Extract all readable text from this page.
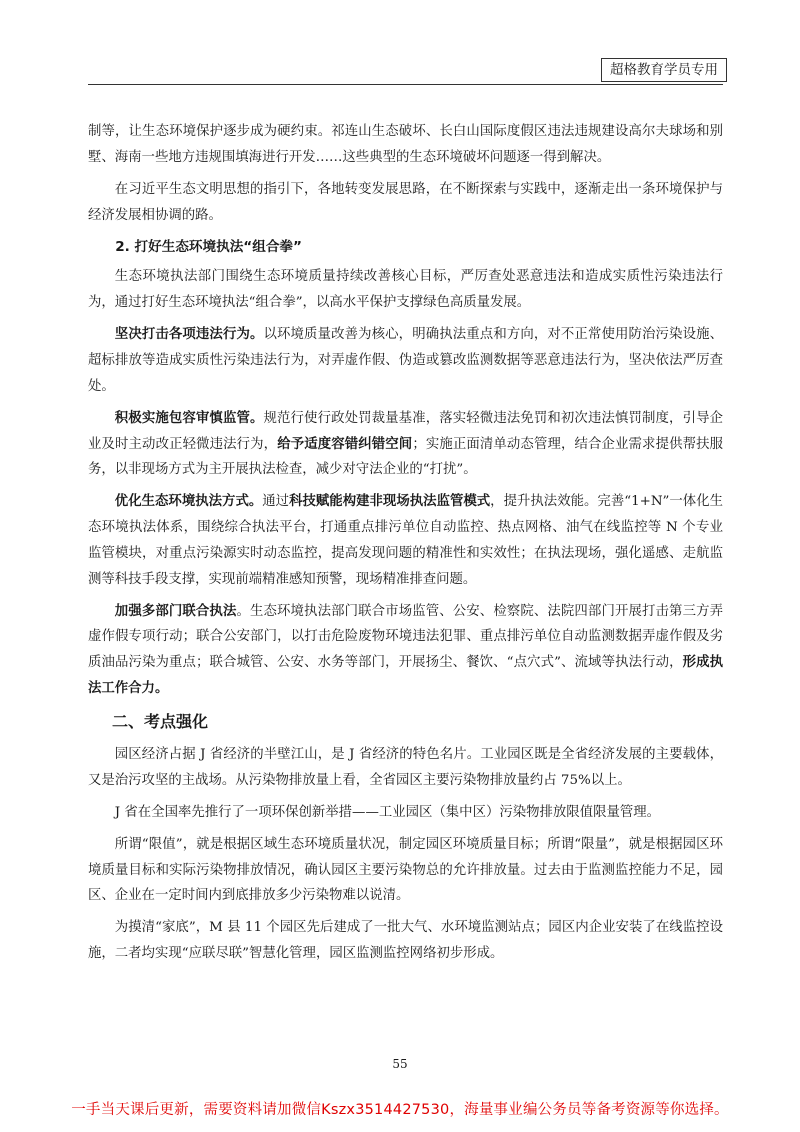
超格教育学员专用

制等，让生态环境保护逐步成为硬约束。祁连山生态破坏、长白山国际度假区违法违规建设高尔夫球场和别墅、海南一些地方违规围填海进行开发……这些典型的生态环境破坏问题逐一得到解决。

在习近平生态文明思想的指引下，各地转变发展思路，在不断探索与实践中，逐渐走出一条环境保护与经济发展相协调的路。

2. 打好生态环境执法“组合拳”

生态环境执法部门围绕生态环境质量持续改善核心目标，严厉查处恶意违法和造成实质性污染违法行为，通过打好生态环境执法“组合拳”，以高水平保护支撑绿色高质量发展。

坚决打击各项违法行为。以环境质量改善为核心，明确执法重点和方向，对不正常使用防治污染设施、超标排放等造成实质性污染违法行为，对弄虚作假、伪造或篡改监测数据等恶意违法行为，坚决依法严厉查处。

积极实施包容审慎监管。规范行使行政处罚裁量基准，落实轻微违法免罚和初次违法慎罚制度，引导企业及时主动改正轻微违法行为，给予适度容错纠错空间；实施正面清单动态管理，结合企业需求提供帮扶服务，以非现场方式为主开展执法检查，减少对守法企业的“打扰”。

优化生态环境执法方式。通过科技赋能构建非现场执法监管模式，提升执法效能。完善“1+N”一体化生态环境执法体系，围绕综合执法平台，打通重点排污单位自动监控、热点网格、油气在线监控等 N 个专业监管模块，对重点污染源实时动态监控，提高发现问题的精准性和实效性；在执法现场，强化遥感、走航监测等科技手段支撑，实现前端精准感知预警，现场精准排查问题。

加强多部门联合执法。生态环境执法部门联合市场监管、公安、检察院、法院四部门开展打击第三方弄虚作假专项行动；联合公安部门，以打击危险废物环境违法犯罪、重点排污单位自动监测数据弄虚作假及劣质油品污染为重点；联合城管、公安、水务等部门，开展扬尘、餐饮、“点穴式”、流域等执法行动，形成执法工作合力。

二、考点强化

园区经济占据 J 省经济的半壁江山，是 J 省经济的特色名片。工业园区既是全省经济发展的主要载体，又是治污攻坚的主战场。从污染物排放量上看，全省园区主要污染物排放量约占 75%以上。

J 省在全国率先推行了一项环保创新举措——工业园区（集中区）污染物排放限值限量管理。

所谓“限值”，就是根据区域生态环境质量状况，制定园区环境质量目标；所谓“限量”，就是根据园区环境质量目标和实际污染物排放情况，确认园区主要污染物总的允许排放量。过去由于监测监控能力不足，园区、企业在一定时间内到底排放多少污染物难以说清。

为摸清“家底”，M 县 11 个园区先后建成了一批大气、水环境监测站点；园区内企业安装了在线监控设施，二者均实现“应联尽联”智慧化管理，园区监测监控网络初步形成。

55
一手当天课后更新，需要资料请加微信Kszx3514427530，海量事业编公务员等备考资源等你选择。
